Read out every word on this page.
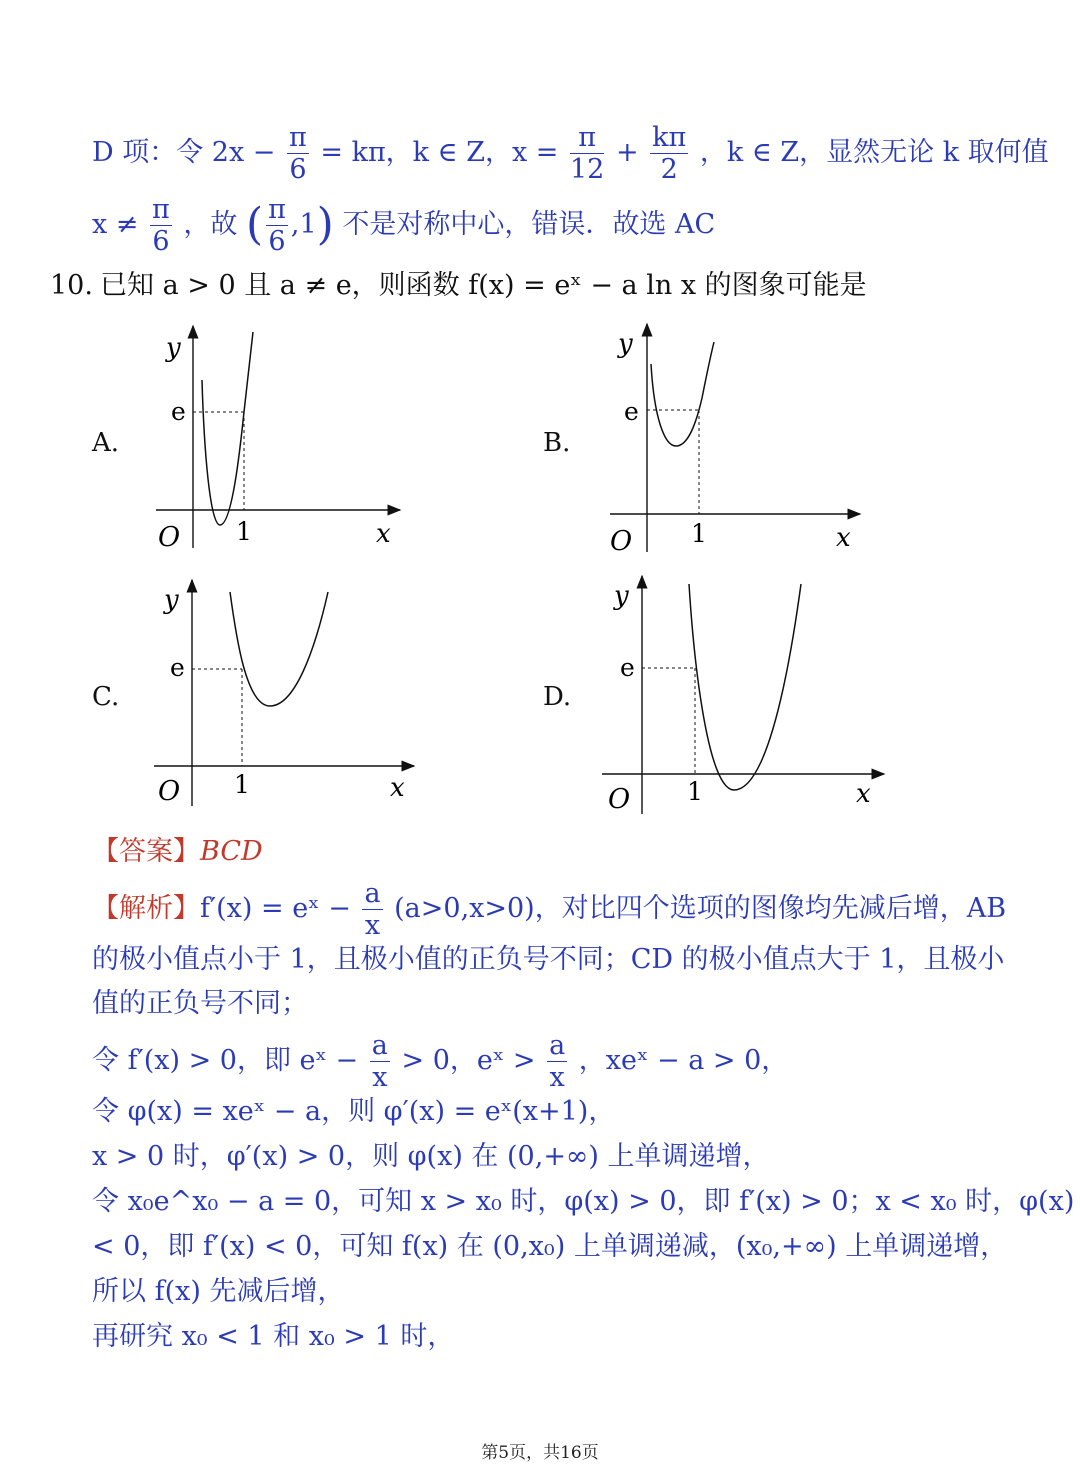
D 项：令 $2x - \frac{\pi}{6} = k\pi$，k ∈ Z，$x = \frac{\pi}{12} + \frac{k\pi}{2}$ ，k ∈ Z，显然无论 k 取何值
$x \ne \frac{\pi}{6}$ ，故 ( $\frac{\pi}{6} ,1$) 不是对称中心，错误．故选 AC
10. 已知 a > 0 且 a ≠ e，则函数 f(x) = eˣ − a ln x 的图象可能是
A.	B.
C.	D.
y
e
1
O	x
y
e
1
O	x
y
e
1
O	x
y
e
1
O	x
【答案】BCD
【解析】f′(x) = eˣ − $\frac{a}{x} (a>0,x>0)$，对比四个选项的图像均先减后增，AB
的极小值点小于 1，且极小值的正负号不同；CD 的极小值点大于 1，且极小
值的正负号不同；
令 f′(x) > 0，即 eˣ − $\frac{a}{x} > 0$，eˣ > $\frac{a}{x}$ ，xeˣ − a > 0，
令 φ(x) = xeˣ − a，则 φ′(x) = eˣ(x+1)，
x > 0 时，φ′(x) > 0，则 φ(x) 在 (0,+∞) 上单调递增，
令 x₀e^x₀ − a = 0，可知 x > x₀ 时，φ(x) > 0，即 f′(x) > 0；x < x₀ 时，φ(x)
< 0，即 f′(x) < 0，可知 f(x) 在 (0,x₀) 上单调递减，(x₀,+∞) 上单调递增，
所以 f(x) 先减后增，
再研究 x₀ < 1 和 x₀ > 1 时，
第5页，共16页
